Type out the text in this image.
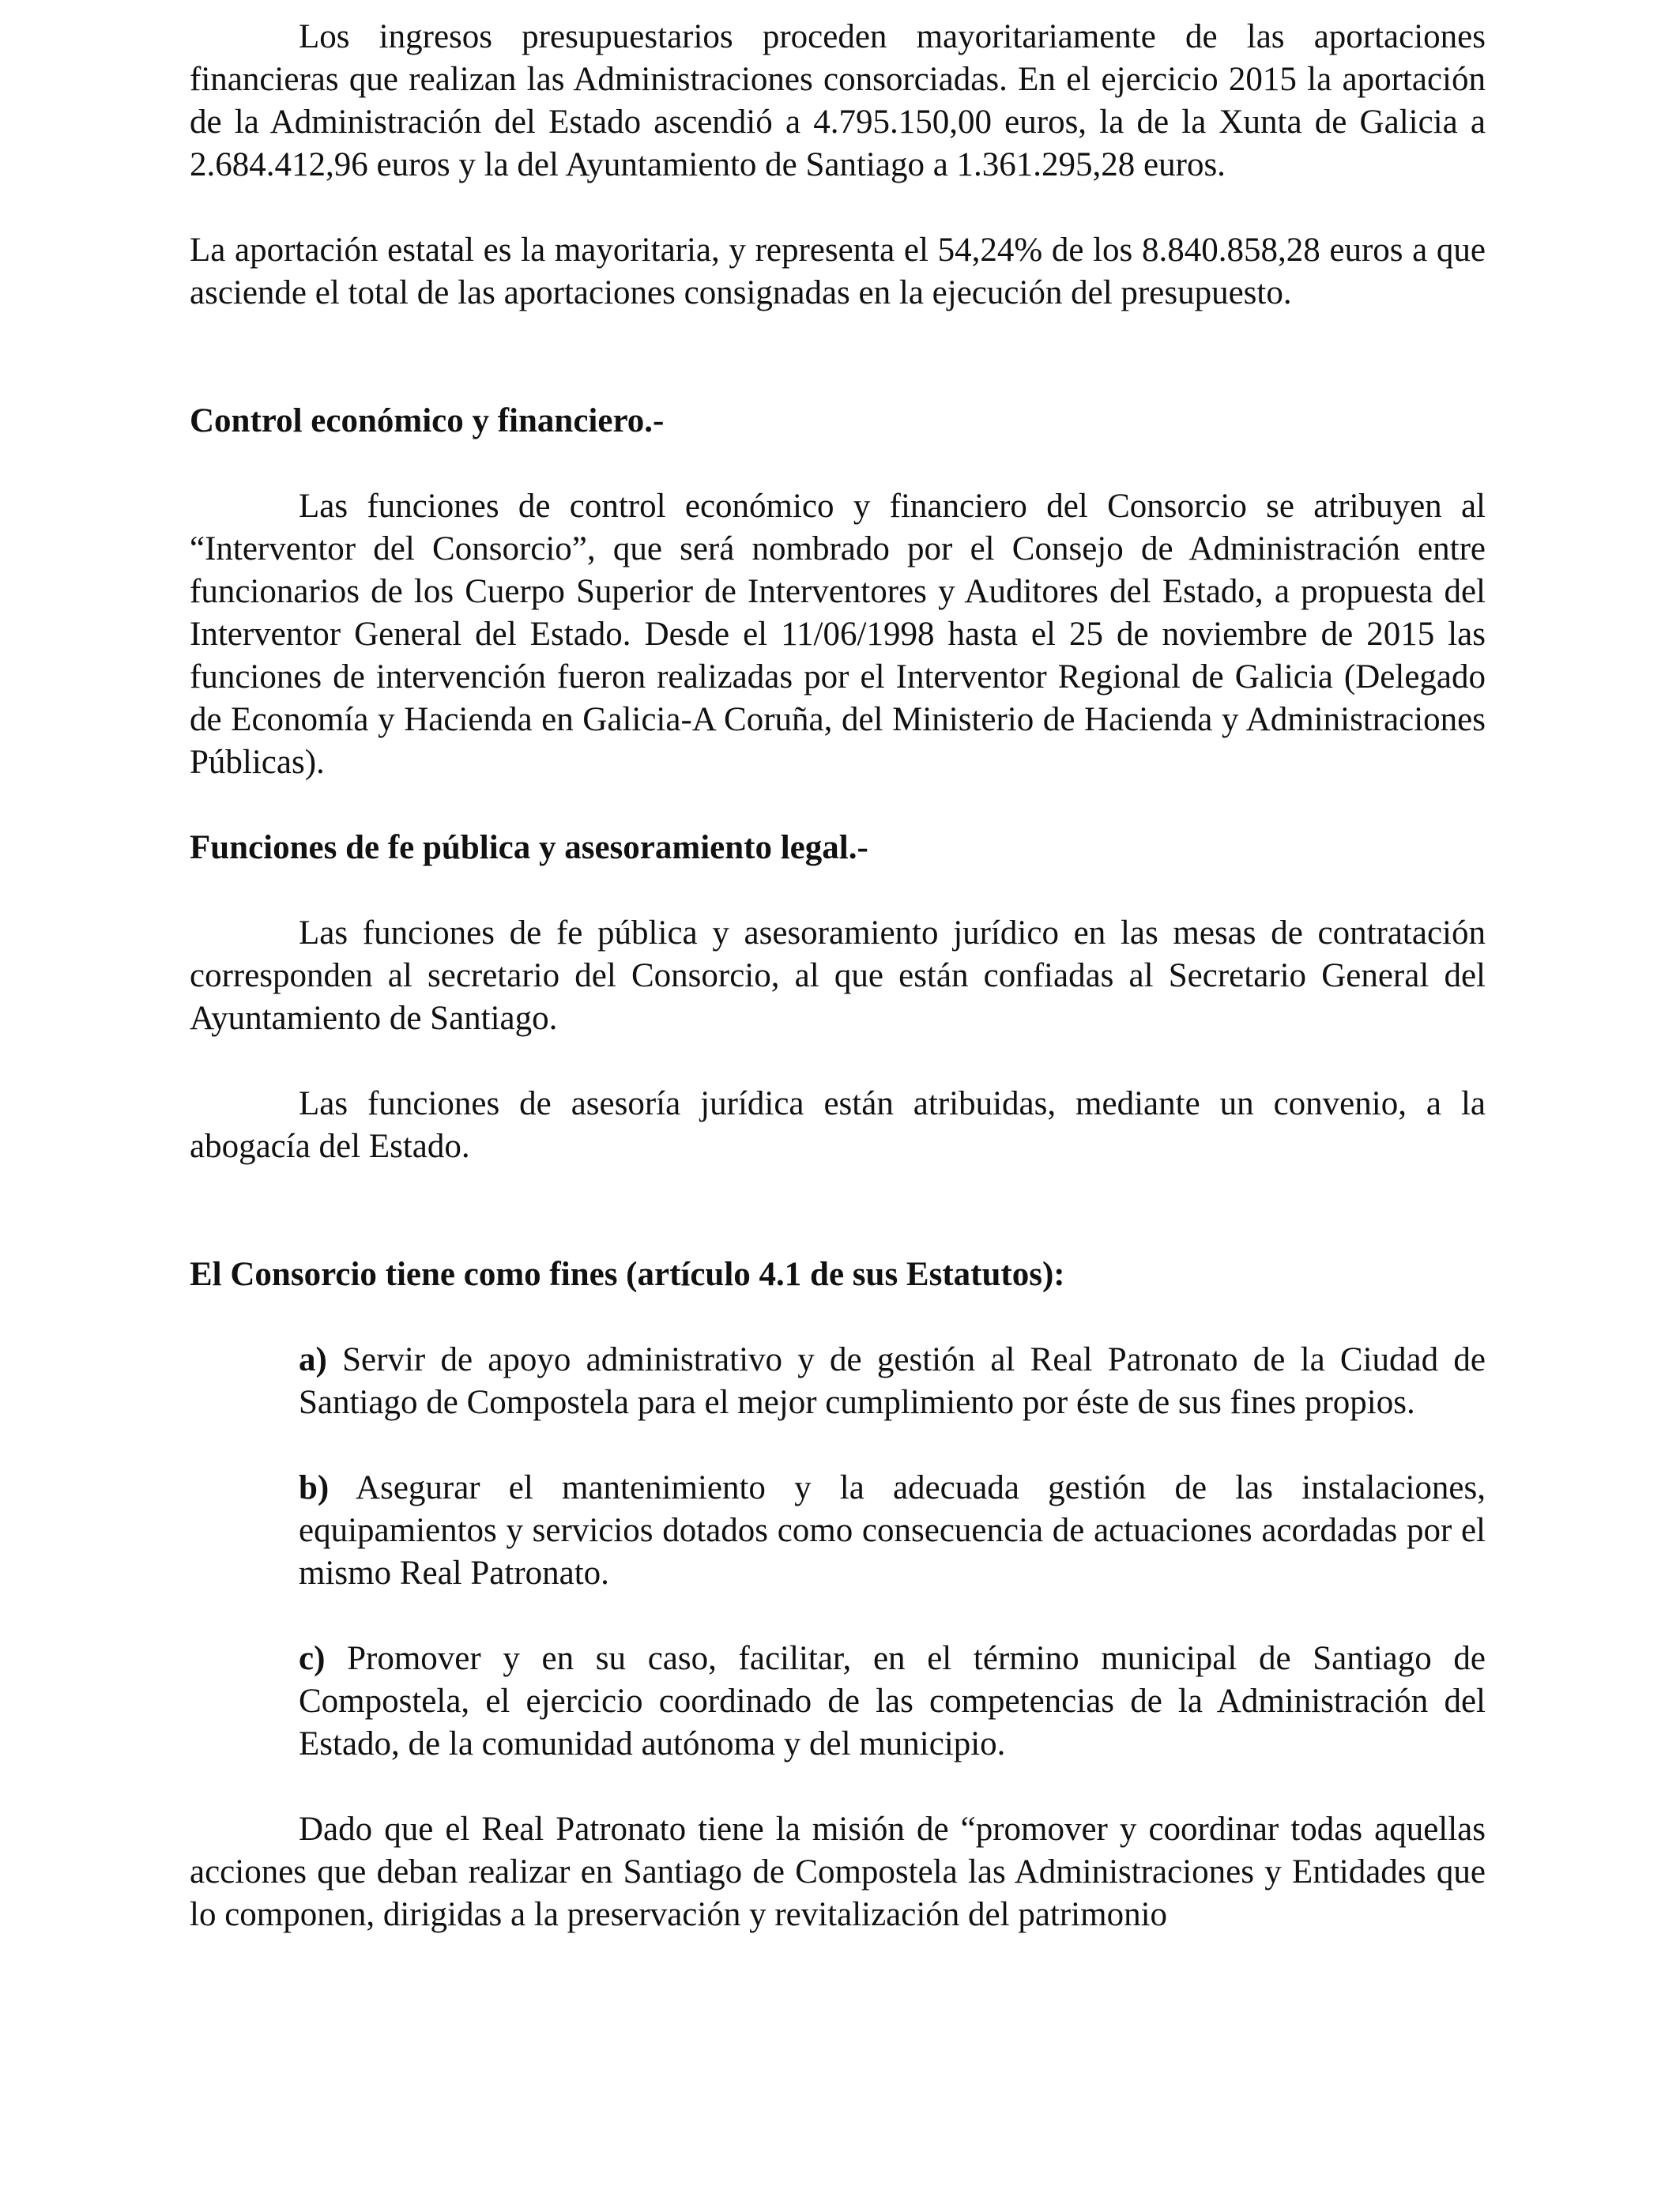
Los ingresos presupuestarios proceden mayoritariamente de las aportaciones financieras que realizan las Administraciones consorciadas. En el ejercicio 2015 la aportación de la Administración del Estado ascendió a 4.795.150,00 euros, la de la Xunta de Galicia a 2.684.412,96 euros y la del Ayuntamiento de Santiago a 1.361.295,28 euros.

La aportación estatal es la mayoritaria, y representa el 54,24% de los 8.840.858,28 euros a que asciende el total de las aportaciones consignadas en la ejecución del presupuesto.

Control económico y financiero.-

Las funciones de control económico y financiero del Consorcio se atribuyen al “Interventor del Consorcio”, que será nombrado por el Consejo de Administración entre funcionarios de los Cuerpo Superior de Interventores y Auditores del Estado, a propuesta del Interventor General del Estado. Desde el 11/06/1998 hasta el 25 de noviembre de 2015 las funciones de intervención fueron realizadas por el Interventor Regional de Galicia (Delegado de Economía y Hacienda en Galicia-A Coruña, del Ministerio de Hacienda y Administraciones Públicas).

Funciones de fe pública y asesoramiento legal.-

Las funciones de fe pública y asesoramiento jurídico en las mesas de contratación corresponden al secretario del Consorcio, al que están confiadas al Secretario General del Ayuntamiento de Santiago.

Las funciones de asesoría jurídica están atribuidas, mediante un convenio, a la abogacía del Estado.

El Consorcio tiene como fines (artículo 4.1 de sus Estatutos):

a) Servir de apoyo administrativo y de gestión al Real Patronato de la Ciudad de Santiago de Compostela para el mejor cumplimiento por éste de sus fines propios.

b) Asegurar el mantenimiento y la adecuada gestión de las instalaciones, equipamientos y servicios dotados como consecuencia de actuaciones acordadas por el mismo Real Patronato.

c) Promover y en su caso, facilitar, en el término municipal de Santiago de Compostela, el ejercicio coordinado de las competencias de la Administración del Estado, de la comunidad autónoma y del municipio.

Dado que el Real Patronato tiene la misión de “promover y coordinar todas aquellas acciones que deban realizar en Santiago de Compostela las Administraciones y Entidades que lo componen, dirigidas a la preservación y revitalización del patrimonio
